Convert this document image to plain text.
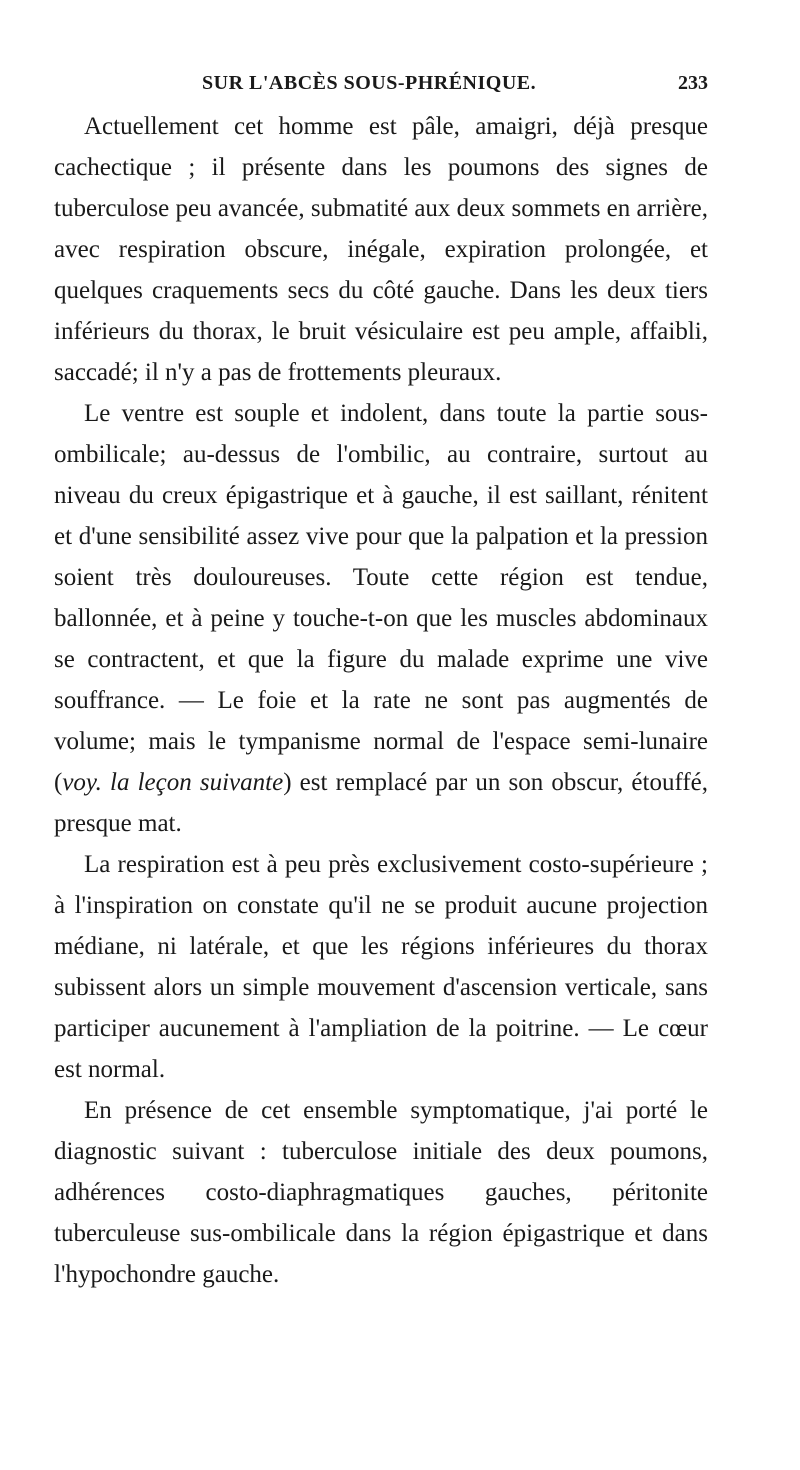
SUR L'ABCÈS SOUS-PHRÉNIQUE.	233

Actuellement cet homme est pâle, amaigri, déjà presque cachectique ; il présente dans les poumons des signes de tuberculose peu avancée, submatité aux deux sommets en arrière, avec respiration obscure, inégale, expiration prolongée, et quelques craquements secs du côté gauche. Dans les deux tiers inférieurs du thorax, le bruit vésiculaire est peu ample, affaibli, saccadé; il n'y a pas de frottements pleuraux.

Le ventre est souple et indolent, dans toute la partie sous-ombilicale; au-dessus de l'ombilic, au contraire, surtout au niveau du creux épigastrique et à gauche, il est saillant, rénitent et d'une sensibilité assez vive pour que la palpation et la pression soient très douloureuses. Toute cette région est tendue, ballonnée, et à peine y touche-t-on que les muscles abdominaux se contractent, et que la figure du malade exprime une vive souffrance. — Le foie et la rate ne sont pas augmentés de volume; mais le tympanisme normal de l'espace semi-lunaire (voy. la leçon suivante) est remplacé par un son obscur, étouffé, presque mat.

La respiration est à peu près exclusivement costo-supérieure ; à l'inspiration on constate qu'il ne se produit aucune projection médiane, ni latérale, et que les régions inférieures du thorax subissent alors un simple mouvement d'ascension verticale, sans participer aucunement à l'ampliation de la poitrine. — Le cœur est normal.

En présence de cet ensemble symptomatique, j'ai porté le diagnostic suivant : tuberculose initiale des deux poumons, adhérences costo-diaphragmatiques gauches, péritonite tuberculeuse sus-ombilicale dans la région épigastrique et dans l'hypochondre gauche.
